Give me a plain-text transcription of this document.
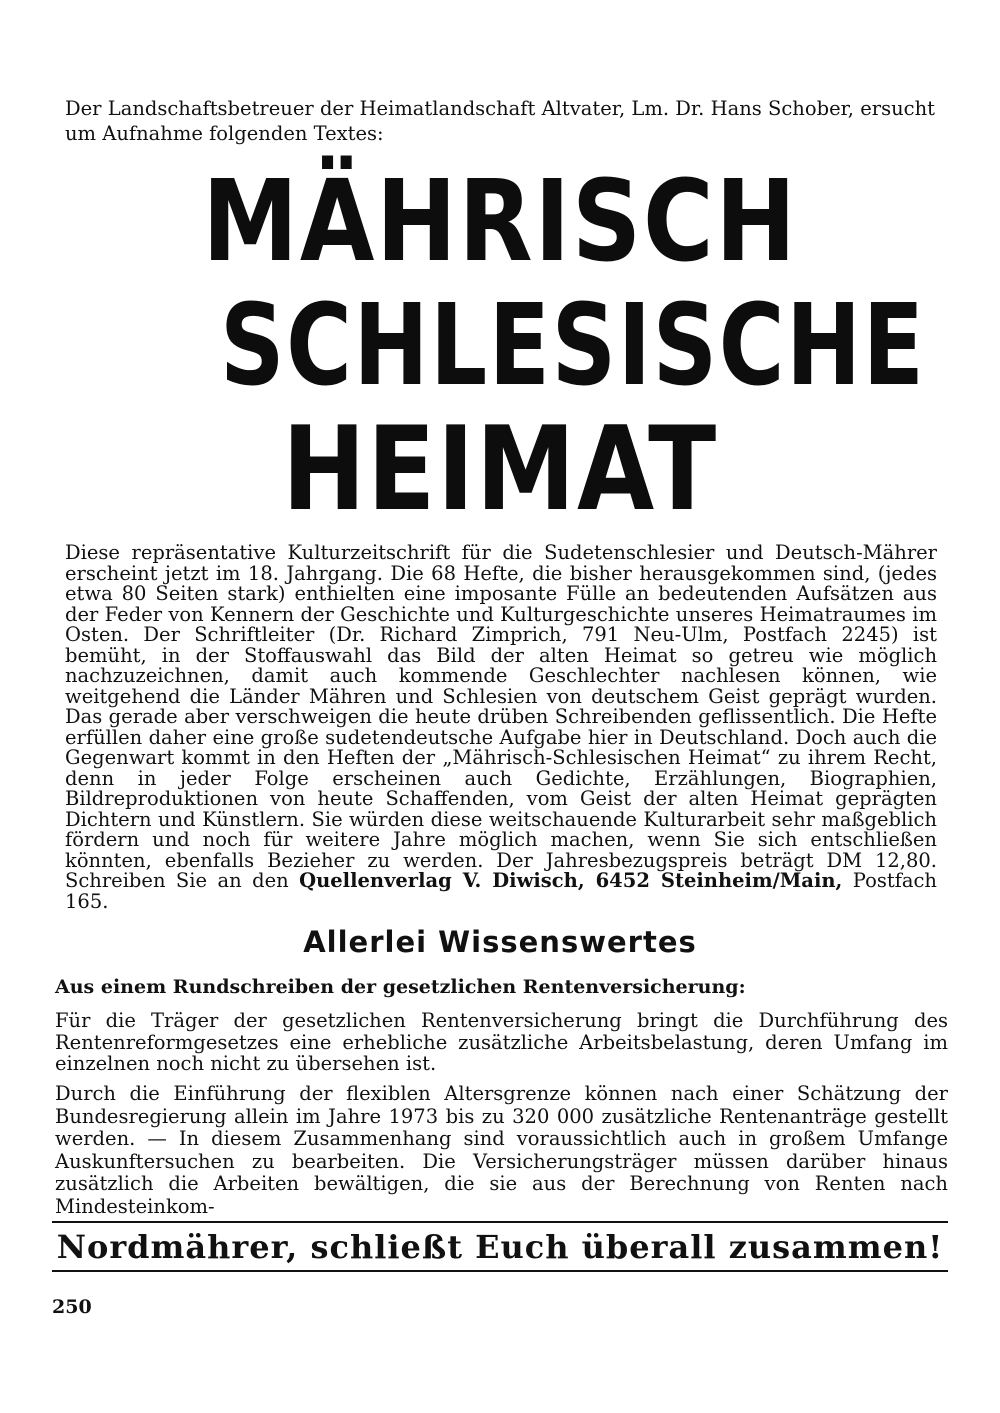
Der Landschaftsbetreuer der Heimatlandschaft Altvater, Lm. Dr. Hans Schober, ersucht um Aufnahme folgenden Textes:
MÄHRISCH
SCHLESISCHE
HEIMAT
Diese repräsentative Kulturzeitschrift für die Sudetenschlesier und Deutsch-Mährer erscheint jetzt im 18. Jahrgang. Die 68 Hefte, die bisher herausgekommen sind, (jedes etwa 80 Seiten stark) enthielten eine imposante Fülle an bedeutenden Aufsätzen aus der Feder von Kennern der Geschichte und Kulturgeschichte unseres Heimatraumes im Osten. Der Schriftleiter (Dr. Richard Zimprich, 791 Neu-Ulm, Postfach 2245) ist bemüht, in der Stoffauswahl das Bild der alten Heimat so getreu wie möglich nachzuzeichnen, damit auch kommende Geschlechter nachlesen können, wie weitgehend die Länder Mähren und Schlesien von deutschem Geist geprägt wurden. Das gerade aber verschweigen die heute drüben Schreibenden geflissentlich. Die Hefte erfüllen daher eine große sudetendeutsche Aufgabe hier in Deutschland. Doch auch die Gegenwart kommt in den Heften der „Mährisch-Schlesischen Heimat“ zu ihrem Recht, denn in jeder Folge erscheinen auch Gedichte, Erzählungen, Biographien, Bildreproduktionen von heute Schaffenden, vom Geist der alten Heimat geprägten Dichtern und Künstlern. Sie würden diese weitschauende Kulturarbeit sehr maßgeblich fördern und noch für weitere Jahre möglich machen, wenn Sie sich entschließen könnten, ebenfalls Bezieher zu werden. Der Jahresbezugspreis beträgt DM 12,80. Schreiben Sie an den Quellenverlag V. Diwisch, 6452 Steinheim/Main, Postfach 165.
Allerlei Wissenswertes
Aus einem Rundschreiben der gesetzlichen Rentenversicherung:
Für die Träger der gesetzlichen Rentenversicherung bringt die Durchführung des Rentenreformgesetzes eine erhebliche zusätzliche Arbeitsbelastung, deren Umfang im einzelnen noch nicht zu übersehen ist.
Durch die Einführung der flexiblen Altersgrenze können nach einer Schätzung der Bundesregierung allein im Jahre 1973 bis zu 320 000 zusätzliche Rentenanträge gestellt werden. — In diesem Zusammenhang sind voraussichtlich auch in großem Umfange Auskunftersuchen zu bearbeiten. Die Versicherungsträger müssen darüber hinaus zusätzlich die Arbeiten bewältigen, die sie aus der Berechnung von Renten nach Mindesteinkom-
Nordmährer, schließt Euch überall zusammen!
250
